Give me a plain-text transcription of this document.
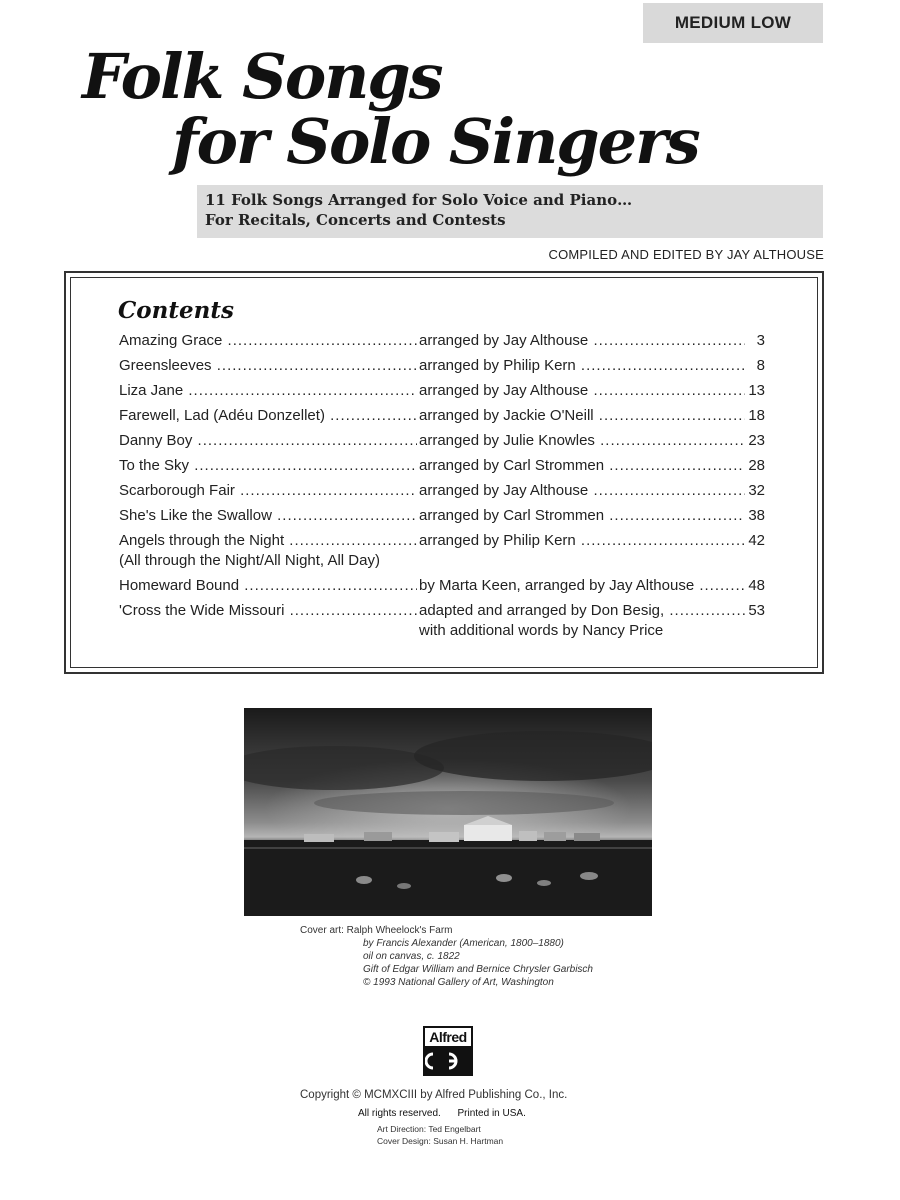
MEDIUM LOW
Folk Songs
for Solo Singers
11 Folk Songs Arranged for Solo Voice and Piano…
For Recitals, Concerts and Contests
COMPILED AND EDITED BY JAY ALTHOUSE
Contents
Amazing Grace .....	arranged by Jay Althouse .....	3
Greensleeves .....	arranged by Philip Kern .....	8
Liza Jane .....	arranged by Jay Althouse .....	13
Farewell, Lad (Adéu Donzellet) .....	arranged by Jackie O'Neill .....	18
Danny Boy .....	arranged by Julie Knowles .....	23
To the Sky .....	arranged by Carl Strommen .....	28
Scarborough Fair .....	arranged by Jay Althouse .....	32
She's Like the Swallow .....	arranged by Carl Strommen .....	38
Angels through the Night .....	arranged by Philip Kern .....	42
(All through the Night/All Night, All Day)
Homeward Bound .....	by Marta Keen, arranged by Jay Althouse .....	48
'Cross the Wide Missouri .....	adapted and arranged by Don Besig, .....	53
with additional words by Nancy Price
Cover art: Ralph Wheelock's Farm
by Francis Alexander (American, 1800–1880)
oil on canvas, c. 1822
Gift of Edgar William and Bernice Chrysler Garbisch
© 1993 National Gallery of Art, Washington
Alfred
Copyright © MCMXCIII by Alfred Publishing Co., Inc.
All rights reserved.      Printed in USA.
Art Direction: Ted Engelbart
Cover Design: Susan H. Hartman
